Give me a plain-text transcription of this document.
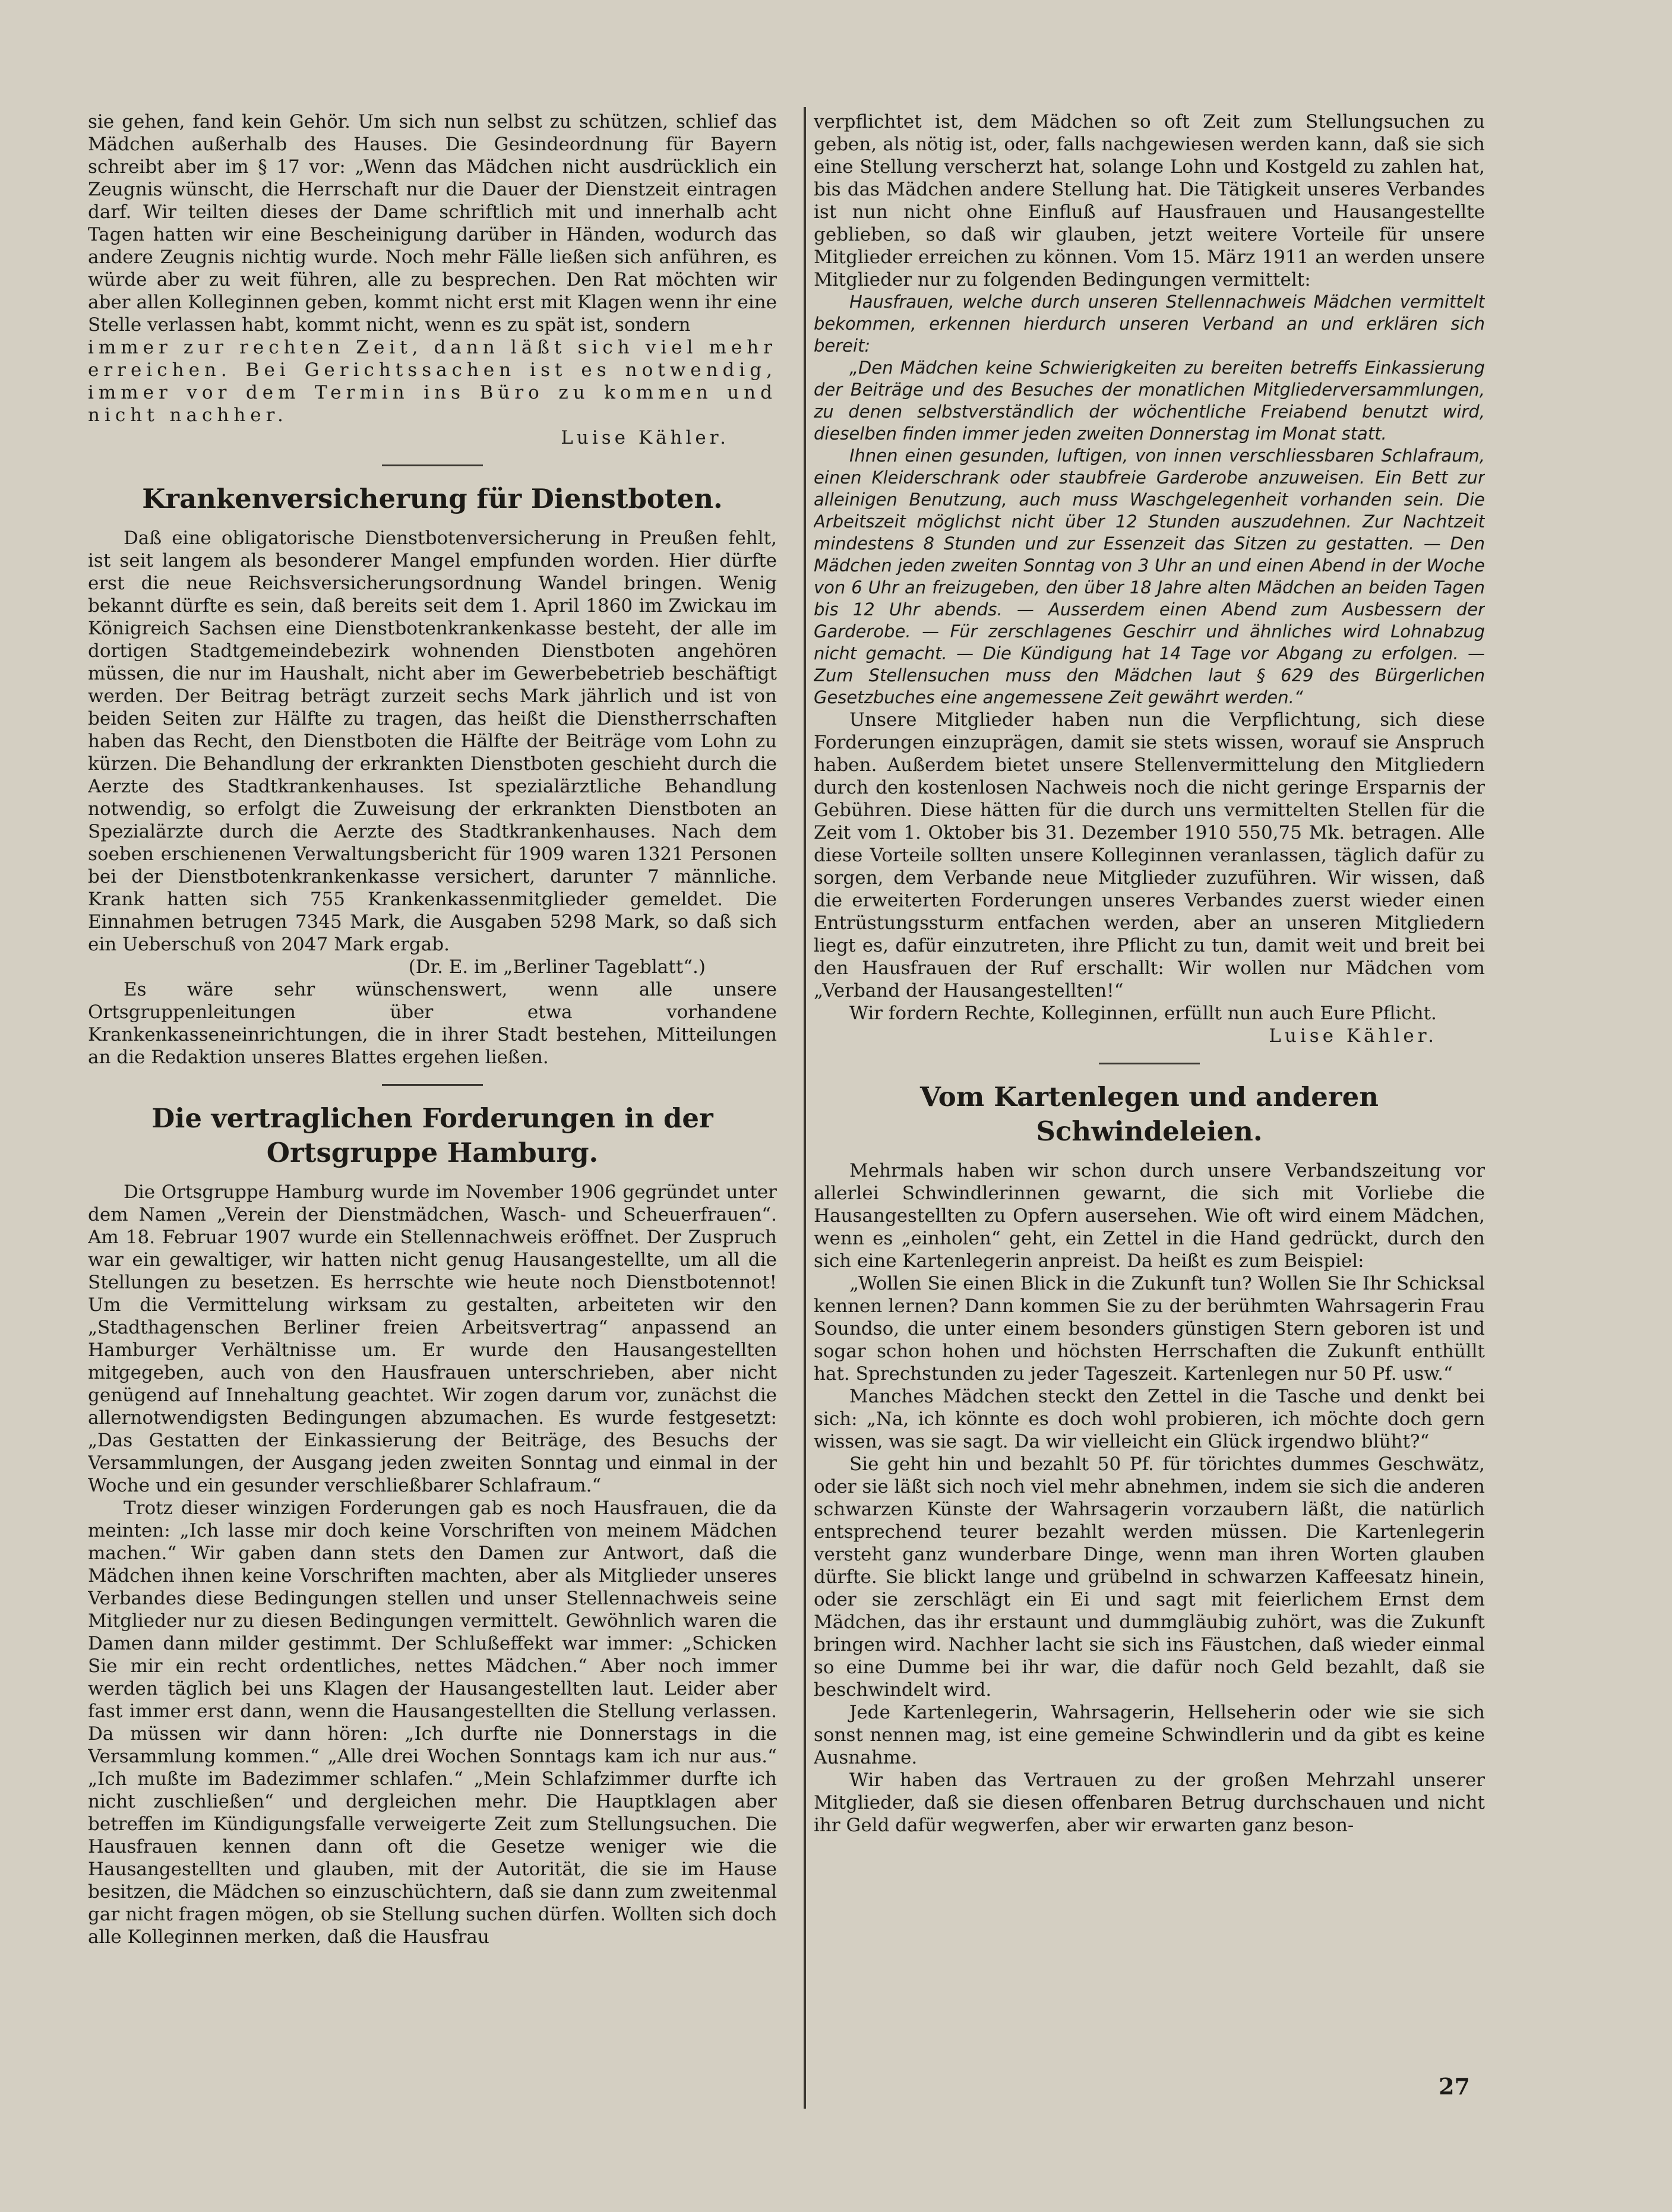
sie gehen, fand kein Gehör. Um sich nun selbst zu schützen, schlief das Mädchen außerhalb des Hauses. Die Gesindeordnung für Bayern schreibt aber im § 17 vor: „Wenn das Mädchen nicht ausdrücklich ein Zeugnis wünscht, die Herrschaft nur die Dauer der Dienstzeit eintragen darf. Wir teilten dieses der Dame schriftlich mit und innerhalb acht Tagen hatten wir eine Bescheinigung darüber in Händen, wodurch das andere Zeugnis nichtig wurde. Noch mehr Fälle ließen sich anführen, es würde aber zu weit führen, alle zu besprechen. Den Rat möchten wir aber allen Kolleginnen geben, kommt nicht erst mit Klagen wenn ihr eine Stelle verlassen habt, kommt nicht, wenn es zu spät ist, sondern

immer zur rechten Zeit, dann läßt sich viel mehr erreichen. Bei Gerichtssachen ist es notwendig, immer vor dem Termin ins Büro zu kommen und nicht nachher.

Luise Kähler.

Krankenversicherung für Dienstboten.

Daß eine obligatorische Dienstbotenversicherung in Preußen fehlt, ist seit langem als besonderer Mangel empfunden worden. Hier dürfte erst die neue Reichsversicherungsordnung Wandel bringen. Wenig bekannt dürfte es sein, daß bereits seit dem 1. April 1860 im Zwickau im Königreich Sachsen eine Dienstbotenkrankenkasse besteht, der alle im dortigen Stadtgemeindebezirk wohnenden Dienstboten angehören müssen, die nur im Haushalt, nicht aber im Gewerbebetrieb beschäftigt werden. Der Beitrag beträgt zurzeit sechs Mark jährlich und ist von beiden Seiten zur Hälfte zu tragen, das heißt die Dienstherrschaften haben das Recht, den Dienstboten die Hälfte der Beiträge vom Lohn zu kürzen. Die Behandlung der erkrankten Dienstboten geschieht durch die Aerzte des Stadtkrankenhauses. Ist spezialärztliche Behandlung notwendig, so erfolgt die Zuweisung der erkrankten Dienstboten an Spezialärzte durch die Aerzte des Stadtkrankenhauses. Nach dem soeben erschienenen Verwaltungsbericht für 1909 waren 1321 Personen bei der Dienstbotenkrankenkasse versichert, darunter 7 männliche. Krank hatten sich 755 Krankenkassenmitglieder gemeldet. Die Einnahmen betrugen 7345 Mark, die Ausgaben 5298 Mark, so daß sich ein Ueberschuß von 2047 Mark ergab.

(Dr. E. im „Berliner Tageblatt“.)

Es wäre sehr wünschenswert, wenn alle unsere Ortsgruppenleitungen über etwa vorhandene Krankenkasseneinrichtungen, die in ihrer Stadt bestehen, Mitteilungen an die Redaktion unseres Blattes ergehen ließen.

Die vertraglichen Forderungen in der
Ortsgruppe Hamburg.

Die Ortsgruppe Hamburg wurde im November 1906 gegründet unter dem Namen „Verein der Dienstmädchen, Wasch- und Scheuerfrauen“. Am 18. Februar 1907 wurde ein Stellennachweis eröffnet. Der Zuspruch war ein gewaltiger, wir hatten nicht genug Hausangestellte, um all die Stellungen zu besetzen. Es herrschte wie heute noch Dienstbotennot! Um die Vermittelung wirksam zu gestalten, arbeiteten wir den „Stadthagenschen Berliner freien Arbeitsvertrag“ anpassend an Hamburger Verhältnisse um. Er wurde den Hausangestellten mitgegeben, auch von den Hausfrauen unterschrieben, aber nicht genügend auf Innehaltung geachtet. Wir zogen darum vor, zunächst die allernotwendigsten Bedingungen abzumachen. Es wurde festgesetzt: „Das Gestatten der Einkassierung der Beiträge, des Besuchs der Versammlungen, der Ausgang jeden zweiten Sonntag und einmal in der Woche und ein gesunder verschließbarer Schlafraum.“

Trotz dieser winzigen Forderungen gab es noch Hausfrauen, die da meinten: „Ich lasse mir doch keine Vorschriften von meinem Mädchen machen.“ Wir gaben dann stets den Damen zur Antwort, daß die Mädchen ihnen keine Vorschriften machten, aber als Mitglieder unseres Verbandes diese Bedingungen stellen und unser Stellennachweis seine Mitglieder nur zu diesen Bedingungen vermittelt. Gewöhnlich waren die Damen dann milder gestimmt. Der Schlußeffekt war immer: „Schicken Sie mir ein recht ordentliches, nettes Mädchen.“ Aber noch immer werden täglich bei uns Klagen der Hausangestellten laut. Leider aber fast immer erst dann, wenn die Hausangestellten die Stellung verlassen. Da müssen wir dann hören: „Ich durfte nie Donnerstags in die Versammlung kommen.“ „Alle drei Wochen Sonntags kam ich nur aus.“ „Ich mußte im Badezimmer schlafen.“ „Mein Schlafzimmer durfte ich nicht zuschließen“ und dergleichen mehr. Die Hauptklagen aber betreffen im Kündigungsfalle verweigerte Zeit zum Stellungsuchen. Die Hausfrauen kennen dann oft die Gesetze weniger wie die Hausangestellten und glauben, mit der Autorität, die sie im Hause besitzen, die Mädchen so einzuschüchtern, daß sie dann zum zweitenmal gar nicht fragen mögen, ob sie Stellung suchen dürfen. Wollten sich doch alle Kolleginnen merken, daß die Hausfrau

verpflichtet ist, dem Mädchen so oft Zeit zum Stellungsuchen zu geben, als nötig ist, oder, falls nachgewiesen werden kann, daß sie sich eine Stellung verscherzt hat, solange Lohn und Kostgeld zu zahlen hat, bis das Mädchen andere Stellung hat. Die Tätigkeit unseres Verbandes ist nun nicht ohne Einfluß auf Hausfrauen und Hausangestellte geblieben, so daß wir glauben, jetzt weitere Vorteile für unsere Mitglieder erreichen zu können. Vom 15. März 1911 an werden unsere Mitglieder nur zu folgenden Bedingungen vermittelt:

Hausfrauen, welche durch unseren Stellennachweis Mädchen vermittelt bekommen, erkennen hierdurch unseren Verband an und erklären sich bereit:

„Den Mädchen keine Schwierigkeiten zu bereiten betreffs Einkassierung der Beiträge und des Besuches der monatlichen Mitgliederversammlungen, zu denen selbstverständlich der wöchentliche Freiabend benutzt wird, dieselben finden immer jeden zweiten Donnerstag im Monat statt.

Ihnen einen gesunden, luftigen, von innen verschliessbaren Schlafraum, einen Kleiderschrank oder staubfreie Garderobe anzuweisen. Ein Bett zur alleinigen Benutzung, auch muss Waschgelegenheit vorhanden sein. Die Arbeitszeit möglichst nicht über 12 Stunden auszudehnen. Zur Nachtzeit mindestens 8 Stunden und zur Essenzeit das Sitzen zu gestatten. — Den Mädchen jeden zweiten Sonntag von 3 Uhr an und einen Abend in der Woche von 6 Uhr an freizugeben, den über 18 Jahre alten Mädchen an beiden Tagen bis 12 Uhr abends. — Ausserdem einen Abend zum Ausbessern der Garderobe. — Für zerschlagenes Geschirr und ähnliches wird Lohnabzug nicht gemacht. — Die Kündigung hat 14 Tage vor Abgang zu erfolgen. — Zum Stellensuchen muss den Mädchen laut § 629 des Bürgerlichen Gesetzbuches eine angemessene Zeit gewährt werden.“

Unsere Mitglieder haben nun die Verpflichtung, sich diese Forderungen einzuprägen, damit sie stets wissen, worauf sie Anspruch haben. Außerdem bietet unsere Stellenvermittelung den Mitgliedern durch den kostenlosen Nachweis noch die nicht geringe Ersparnis der Gebühren. Diese hätten für die durch uns vermittelten Stellen für die Zeit vom 1. Oktober bis 31. Dezember 1910 550,75 Mk. betragen. Alle diese Vorteile sollten unsere Kolleginnen veranlassen, täglich dafür zu sorgen, dem Verbande neue Mitglieder zuzuführen. Wir wissen, daß die erweiterten Forderungen unseres Verbandes zuerst wieder einen Entrüstungssturm entfachen werden, aber an unseren Mitgliedern liegt es, dafür einzutreten, ihre Pflicht zu tun, damit weit und breit bei den Hausfrauen der Ruf erschallt: Wir wollen nur Mädchen vom „Verband der Hausangestellten!“

Wir fordern Rechte, Kolleginnen, erfüllt nun auch Eure Pflicht.

Luise Kähler.

Vom Kartenlegen und anderen Schwindeleien.

Mehrmals haben wir schon durch unsere Verbandszeitung vor allerlei Schwindlerinnen gewarnt, die sich mit Vorliebe die Hausangestellten zu Opfern ausersehen. Wie oft wird einem Mädchen, wenn es „einholen“ geht, ein Zettel in die Hand gedrückt, durch den sich eine Kartenlegerin anpreist. Da heißt es zum Beispiel:

„Wollen Sie einen Blick in die Zukunft tun? Wollen Sie Ihr Schicksal kennen lernen? Dann kommen Sie zu der berühmten Wahrsagerin Frau Soundso, die unter einem besonders günstigen Stern geboren ist und sogar schon hohen und höchsten Herrschaften die Zukunft enthüllt hat. Sprechstunden zu jeder Tageszeit. Kartenlegen nur 50 Pf. usw.“

Manches Mädchen steckt den Zettel in die Tasche und denkt bei sich: „Na, ich könnte es doch wohl probieren, ich möchte doch gern wissen, was sie sagt. Da wir vielleicht ein Glück irgendwo blüht?“

Sie geht hin und bezahlt 50 Pf. für törichtes dummes Geschwätz, oder sie läßt sich noch viel mehr abnehmen, indem sie sich die anderen schwarzen Künste der Wahrsagerin vorzaubern läßt, die natürlich entsprechend teurer bezahlt werden müssen. Die Kartenlegerin versteht ganz wunderbare Dinge, wenn man ihren Worten glauben dürfte. Sie blickt lange und grübelnd in schwarzen Kaffeesatz hinein, oder sie zerschlägt ein Ei und sagt mit feierlichem Ernst dem Mädchen, das ihr erstaunt und dummgläubig zuhört, was die Zukunft bringen wird. Nachher lacht sie sich ins Fäustchen, daß wieder einmal so eine Dumme bei ihr war, die dafür noch Geld bezahlt, daß sie beschwindelt wird.

Jede Kartenlegerin, Wahrsagerin, Hellseherin oder wie sie sich sonst nennen mag, ist eine gemeine Schwindlerin und da gibt es keine Ausnahme.

Wir haben das Vertrauen zu der großen Mehrzahl unserer Mitglieder, daß sie diesen offenbaren Betrug durchschauen und nicht ihr Geld dafür wegwerfen, aber wir erwarten ganz beson-

27
